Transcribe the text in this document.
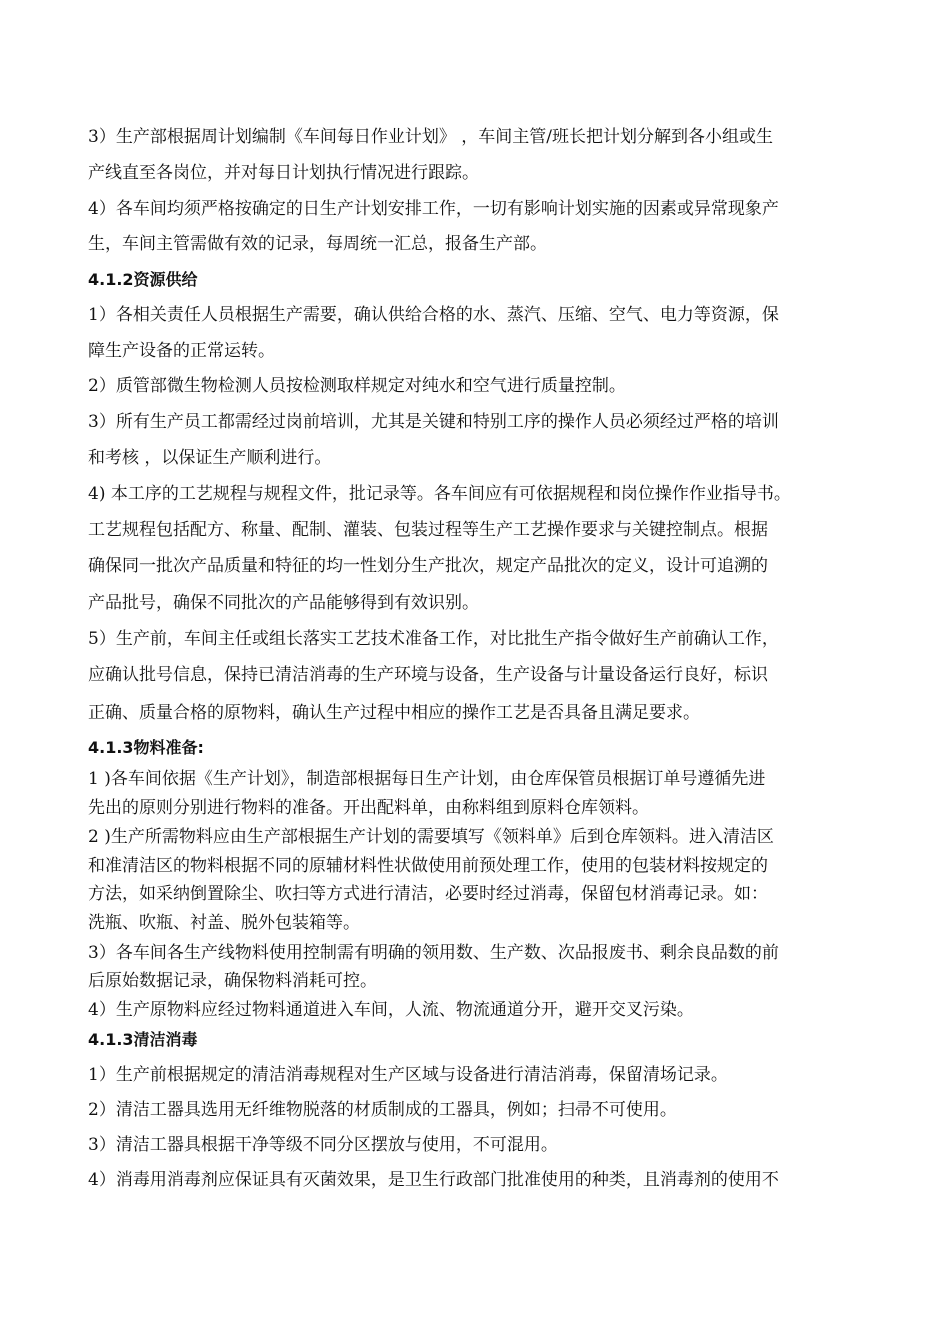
3）生产部根据周计划编制《车间每日作业计划》 ，车间主管/班长把计划分解到各小组或生
产线直至各岗位，并对每日计划执行情况进行跟踪。
4）各车间均须严格按确定的日生产计划安排工作，一切有影响计划实施的因素或异常现象产
生，车间主管需做有效的记录，每周统一汇总，报备生产部。
4.1.2资源供给
1）各相关责任人员根据生产需要，确认供给合格的水、蒸汽、压缩、空气、电力等资源，保
障生产设备的正常运转。
2）质管部微生物检测人员按检测取样规定对纯水和空气进行质量控制。
3）所有生产员工都需经过岗前培训，尤其是关键和特别工序的操作人员必须经过严格的培训
和考核 ，以保证生产顺利进行。
4) 本工序的工艺规程与规程文件，批记录等。各车间应有可依据规程和岗位操作作业指导书。
工艺规程包括配方、称量、配制、灌装、包装过程等生产工艺操作要求与关键控制点。根据
确保同一批次产品质量和特征的均一性划分生产批次，规定产品批次的定义，设计可追溯的
产品批号，确保不同批次的产品能够得到有效识别。
5）生产前，车间主任或组长落实工艺技术准备工作，对比批生产指令做好生产前确认工作，
应确认批号信息，保持已清洁消毒的生产环境与设备，生产设备与计量设备运行良好，标识
正确、质量合格的原物料，确认生产过程中相应的操作工艺是否具备且满足要求。
4.1.3物料准备:
1 )各车间依据《生产计划》，制造部根据每日生产计划，由仓库保管员根据订单号遵循先进
先出的原则分别进行物料的准备。开出配料单，由称料组到原料仓库领料。
2 )生产所需物料应由生产部根据生产计划的需要填写《领料单》后到仓库领料。进入清洁区
和准清洁区的物料根据不同的原辅材料性状做使用前预处理工作，使用的包装材料按规定的
方法，如采纳倒置除尘、吹扫等方式进行清洁，必要时经过消毒，保留包材消毒记录。如：
洗瓶、吹瓶、衬盖、脱外包装箱等。
3）各车间各生产线物料使用控制需有明确的领用数、生产数、次品报废书、剩余良品数的前
后原始数据记录，确保物料消耗可控。
4）生产原物料应经过物料通道进入车间，人流、物流通道分开，避开交叉污染。
4.1.3清洁消毒
1）生产前根据规定的清洁消毒规程对生产区域与设备进行清洁消毒，保留清场记录。
2）清洁工器具选用无纤维物脱落的材质制成的工器具，例如；扫帚不可使用。
3）清洁工器具根据干净等级不同分区摆放与使用，不可混用。
4）消毒用消毒剂应保证具有灭菌效果，是卫生行政部门批准使用的种类，且消毒剂的使用不
